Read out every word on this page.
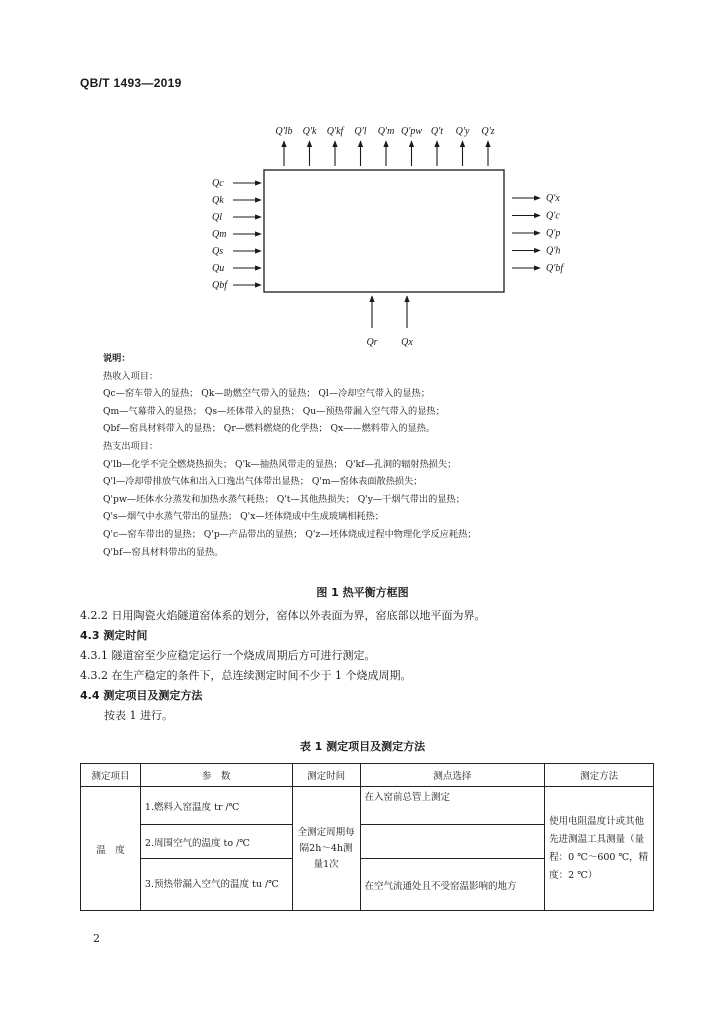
QB/T 1493—2019
Q'lb Q'k Q'kf Q'l Q'm Q'pw Q't Q'y Q'z
Qc
Qk
Ql
Qm
Qs
Qu
Qbf
Q'x
Q'c
Q'p
Q'h
Q'bf
Qr Qx
说明：
热收入项目：
Qc—窑车带入的显热； Qk—助燃空气带入的显热； Ql—冷却空气带入的显热；
Qm—气幕带入的显热； Qs—坯体带入的显热； Qu—预热带漏入空气带入的显热；
Qbf—窑具材料带入的显热； Qr—燃料燃烧的化学热； Qx——燃料带入的显热。
热支出项目：
Q'lb—化学不完全燃烧热损失； Q'k—抽热风带走的显热； Q'kf—孔洞的辐射热损失；
Q'l—冷却带排放气体和出入口逸出气体带出显热； Q'm—窑体表面散热损失；
Q'pw—坯体水分蒸发和加热水蒸气耗热； Q't—其他热损失； Q'y—干烟气带出的显热；
Q's—烟气中水蒸气带出的显热； Q'x—坯体烧成中生成玻璃相耗热；
Q'c—窑车带出的显热； Q'p—产品带出的显热； Q'z—坯体烧成过程中物理化学反应耗热；
Q'bf—窑具材料带出的显热。
图 1 热平衡方框图
4.2.2 日用陶瓷火焰隧道窑体系的划分，窑体以外表面为界，窑底部以地平面为界。
4.3 测定时间
4.3.1 隧道窑至少应稳定运行一个烧成周期后方可进行测定。
4.3.2 在生产稳定的条件下，总连续测定时间不少于 1 个烧成周期。
4.4 测定项目及测定方法
按表 1 进行。
表 1 测定项目及测定方法
测定项目	参　数	测定时间	测点选择	测定方法
温　度	1.燃料入窑温度 tr /℃	全测定周期每隔2h～4h测量1次	在入窑前总管上测定	使用电阻温度计或其他先进测温工具测量（量程：0 ℃～600 ℃，精度：2 ℃）
	2.周围空气的温度 to /℃			
	3.预热带漏入空气的温度 tu /℃		在空气流通处且不受窑温影响的地方	
2
